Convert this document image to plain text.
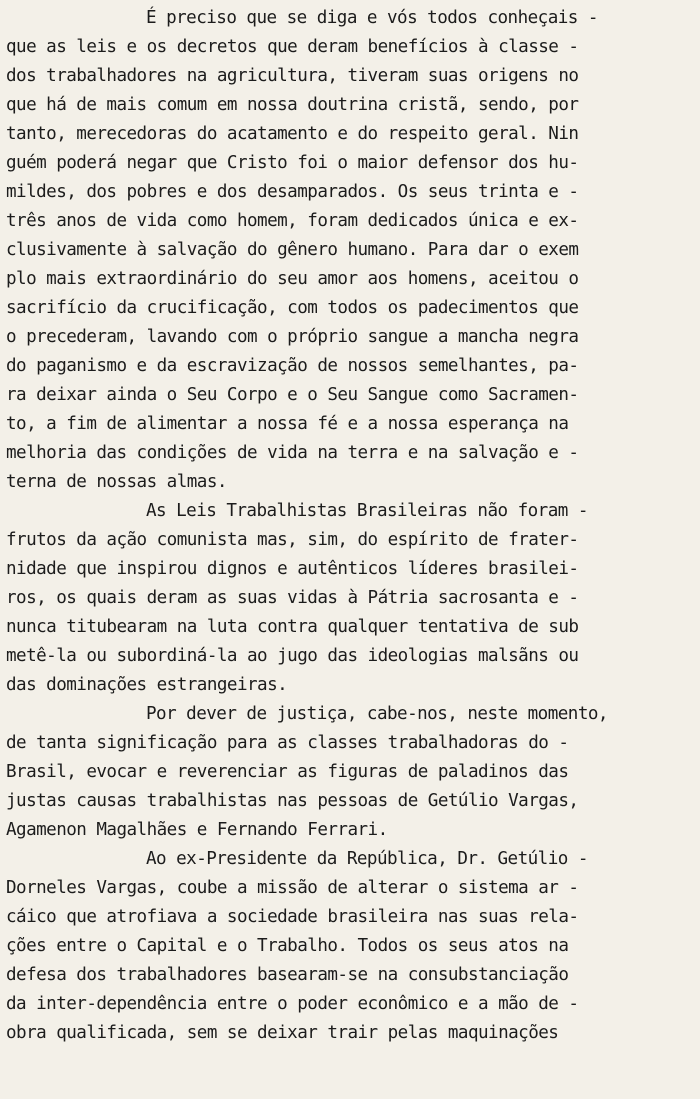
É preciso que se diga e vós todos conheçais -
que as leis e os decretos que deram benefícios à classe -
dos trabalhadores na agricultura, tiveram suas origens no
que há de mais comum em nossa doutrina cristã, sendo, por
tanto, merecedoras do acatamento e do respeito geral. Nin
guém poderá negar que Cristo foi o maior defensor dos hu-
mildes, dos pobres e dos desamparados. Os seus trinta e -
três anos de vida como homem, foram dedicados única e ex-
clusivamente à salvação do gênero humano. Para dar o exem
plo mais extraordinário do seu amor aos homens, aceitou o
sacrifício da crucificação, com todos os padecimentos que
o precederam, lavando com o próprio sangue a mancha negra
do paganismo e da escravização de nossos semelhantes, pa-
ra deixar ainda o Seu Corpo e o Seu Sangue como Sacramen-
to, a fim de alimentar a nossa fé e a nossa esperança na
melhoria das condições de vida na terra e na salvação e -
terna de nossas almas.
As Leis Trabalhistas Brasileiras não foram -
frutos da ação comunista mas, sim, do espírito de frater-
nidade que inspirou dignos e autênticos líderes brasilei-
ros, os quais deram as suas vidas à Pátria sacrosanta e -
nunca titubearam na luta contra qualquer tentativa de sub
metê-la ou subordiná-la ao jugo das ideologias malsãns ou
das dominações estrangeiras.
Por dever de justiça, cabe-nos, neste momento,
de tanta significação para as classes trabalhadoras do -
Brasil, evocar e reverenciar as figuras de paladinos das
justas causas trabalhistas nas pessoas de Getúlio Vargas,
Agamenon Magalhães e Fernando Ferrari.
Ao ex-Presidente da República, Dr. Getúlio -
Dorneles Vargas, coube a missão de alterar o sistema ar -
cáico que atrofiava a sociedade brasileira nas suas rela-
ções entre o Capital e o Trabalho. Todos os seus atos na
defesa dos trabalhadores basearam-se na consubstanciação
da inter-dependência entre o poder econômico e a mão de -
obra qualificada, sem se deixar trair pelas maquinações
